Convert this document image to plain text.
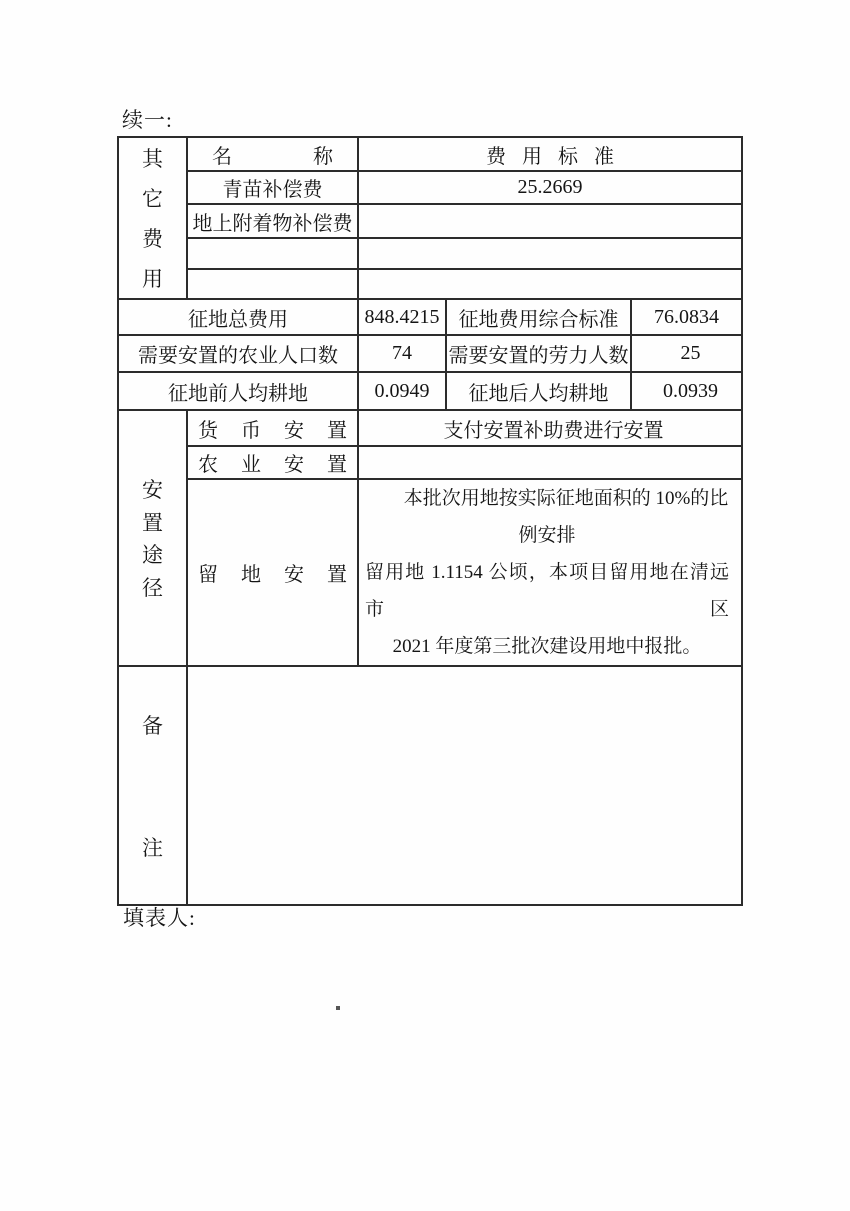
续一:
其
它
费
用	名称	费用标准		
	青苗补偿费	25.2669		
	地上附着物补偿费			

征地总费用		848.4215	征地费用综合标准	76.0834
需要安置的农业人口数		74	需要安置的劳力人数	25
征地前人均耕地		0.0949	征地后人均耕地	0.0939

安
置
途
径	货币安置	支付安置补助费进行安置		

	农业安置			

	留地安置	本批次用地按实际征地面积的 10%的比例安排
留用地 1.1154 公顷，本项目留用地在清远市区
2021 年度第三批次建设用地中报批。		

备
注				

填表人:
